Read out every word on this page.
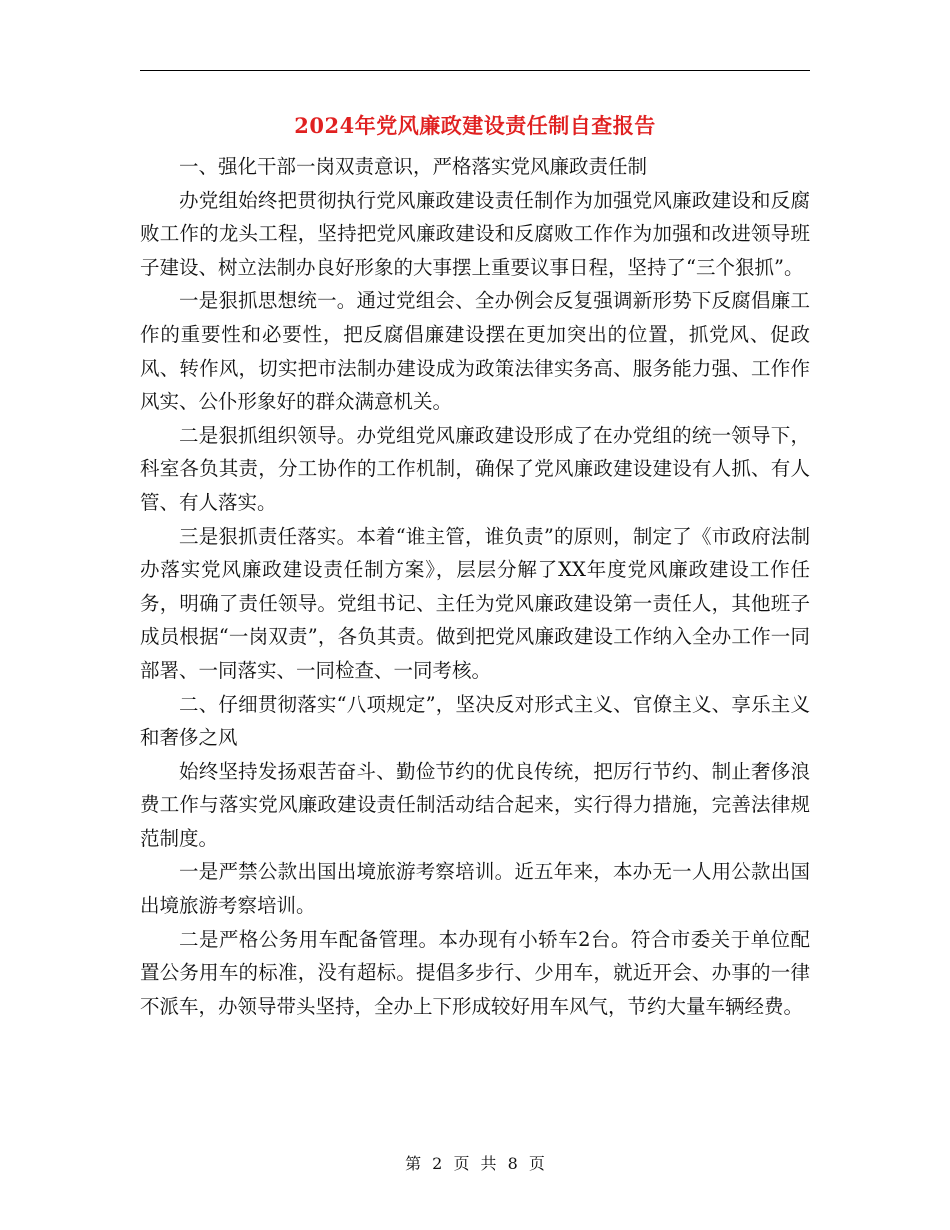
2024年党风廉政建设责任制自查报告

一、强化干部一岗双责意识，严格落实党风廉政责任制

办党组始终把贯彻执行党风廉政建设责任制作为加强党风廉政建设和反腐败工作的龙头工程，坚持把党风廉政建设和反腐败工作作为加强和改进领导班子建设、树立法制办良好形象的大事摆上重要议事日程，坚持了“三个狠抓”。

一是狠抓思想统一。通过党组会、全办例会反复强调新形势下反腐倡廉工作的重要性和必要性，把反腐倡廉建设摆在更加突出的位置，抓党风、促政风、转作风，切实把市法制办建设成为政策法律实务高、服务能力强、工作作风实、公仆形象好的群众满意机关。

二是狠抓组织领导。办党组党风廉政建设形成了在办党组的统一领导下，科室各负其责，分工协作的工作机制，确保了党风廉政建设建设有人抓、有人管、有人落实。

三是狠抓责任落实。本着“谁主管，谁负责”的原则，制定了《市政府法制办落实党风廉政建设责任制方案》，层层分解了XX年度党风廉政建设工作任务，明确了责任领导。党组书记、主任为党风廉政建设第一责任人，其他班子成员根据“一岗双责”，各负其责。做到把党风廉政建设工作纳入全办工作一同部署、一同落实、一同检查、一同考核。

二、仔细贯彻落实“八项规定”，坚决反对形式主义、官僚主义、享乐主义和奢侈之风

始终坚持发扬艰苦奋斗、勤俭节约的优良传统，把厉行节约、制止奢侈浪费工作与落实党风廉政建设责任制活动结合起来，实行得力措施，完善法律规范制度。

一是严禁公款出国出境旅游考察培训。近五年来，本办无一人用公款出国出境旅游考察培训。

二是严格公务用车配备管理。本办现有小轿车2台。符合市委关于单位配置公务用车的标准，没有超标。提倡多步行、少用车，就近开会、办事的一律不派车，办领导带头坚持，全办上下形成较好用车风气，节约大量车辆经费。

第 2 页 共 8 页
